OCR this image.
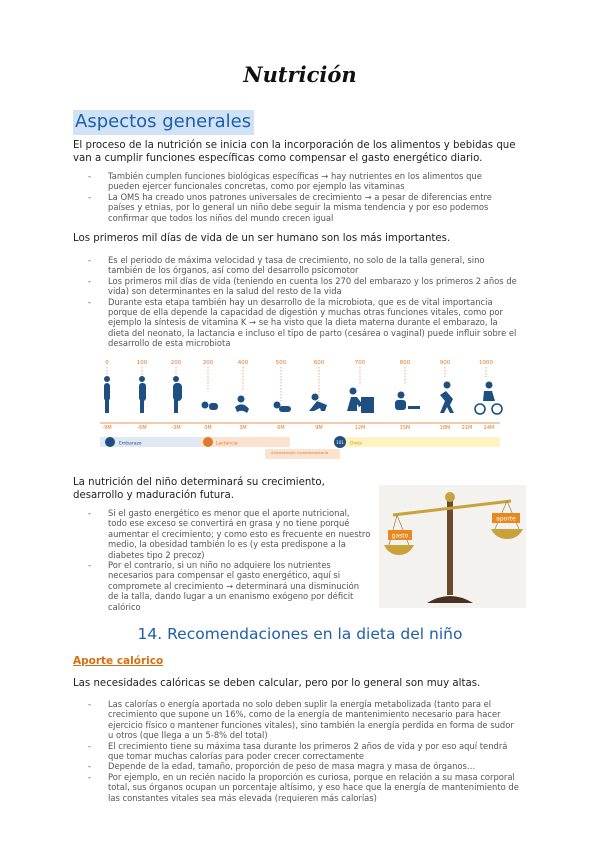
Nutrición
Aspectos generales
El proceso de la nutrición se inicia con la incorporación de los alimentos y bebidas que van a cumplir funciones específicas como compensar el gasto energético diario.
- También cumplen funciones biológicas específicas → hay nutrientes en los alimentos que pueden ejercer funcionales concretas, como por ejemplo las vitaminas
- La OMS ha creado unos patrones universales de crecimiento → a pesar de diferencias entre países y etnias, por lo general un niño debe seguir la misma tendencia y por eso podemos confirmar que todos los niños del mundo crecen igual
Los primeros mil días de vida de un ser humano son los más importantes.
- Es el periodo de máxima velocidad y tasa de crecimiento, no solo de la talla general, sino también de los órganos, así como del desarrollo psicomotor
- Los primeros mil días de vida (teniendo en cuenta los 270 del embarazo y los primeros 2 años de vida) son determinantes en la salud del resto de la vida
- Durante esta etapa también hay un desarrollo de la microbiota, que es de vital importancia porque de ella depende la capacidad de digestión y muchas otras funciones vitales, como por ejemplo la síntesis de vitamina K → se ha visto que la dieta materna durante el embarazo, la dieta del neonato, la lactancia e incluso el tipo de parto (cesárea o vaginal) puede influir sobre el desarrollo de esta microbiota
0	100	200	300	400	500	600	700	800	900	1000
-9M	-6M	-3M	0M	3M	6M	9M	12M	15M	18M 21M 24M
Embarazo	Lactancia
Alimentación complementaria
101 Dieta
La nutrición del niño determinará su crecimiento, desarrollo y maduración futura.
- Si el gasto energético es menor que el aporte nutricional, todo ese exceso se convertirá en grasa y no tiene porqué aumentar el crecimiento; y como esto es frecuente en nuestro medio, la obesidad también lo es (y esta predispone a la diabetes tipo 2 precoz)
- Por el contrario, si un niño no adquiere los nutrientes necesarios para compensar el gasto energético, aquí si compromete al crecimiento → determinará una disminución de la talla, dando lugar a un enanismo exógeno por déficit calórico
gasto
aporte
14. Recomendaciones en la dieta del niño
Aporte calórico
Las necesidades calóricas se deben calcular, pero por lo general son muy altas.
- Las calorías o energía aportada no solo deben suplir la energía metabolizada (tanto para el crecimiento que supone un 16%, como de la energía de mantenimiento necesario para hacer ejercicio físico o mantener funciones vitales), sino también la energía perdida en forma de sudor u otros (que llega a un 5-8% del total)
- El crecimiento tiene su máxima tasa durante los primeros 2 años de vida y por eso aquí tendrá que tomar muchas calorías para poder crecer correctamente
- Depende de la edad, tamaño, proporción de peso de masa magra y masa de órganos…
- Por ejemplo, en un recién nacido la proporción es curiosa, porque en relación a su masa corporal total, sus órganos ocupan un porcentaje altísimo, y eso hace que la energía de mantenimiento de las constantes vitales sea más elevada (requieren más calorías)
